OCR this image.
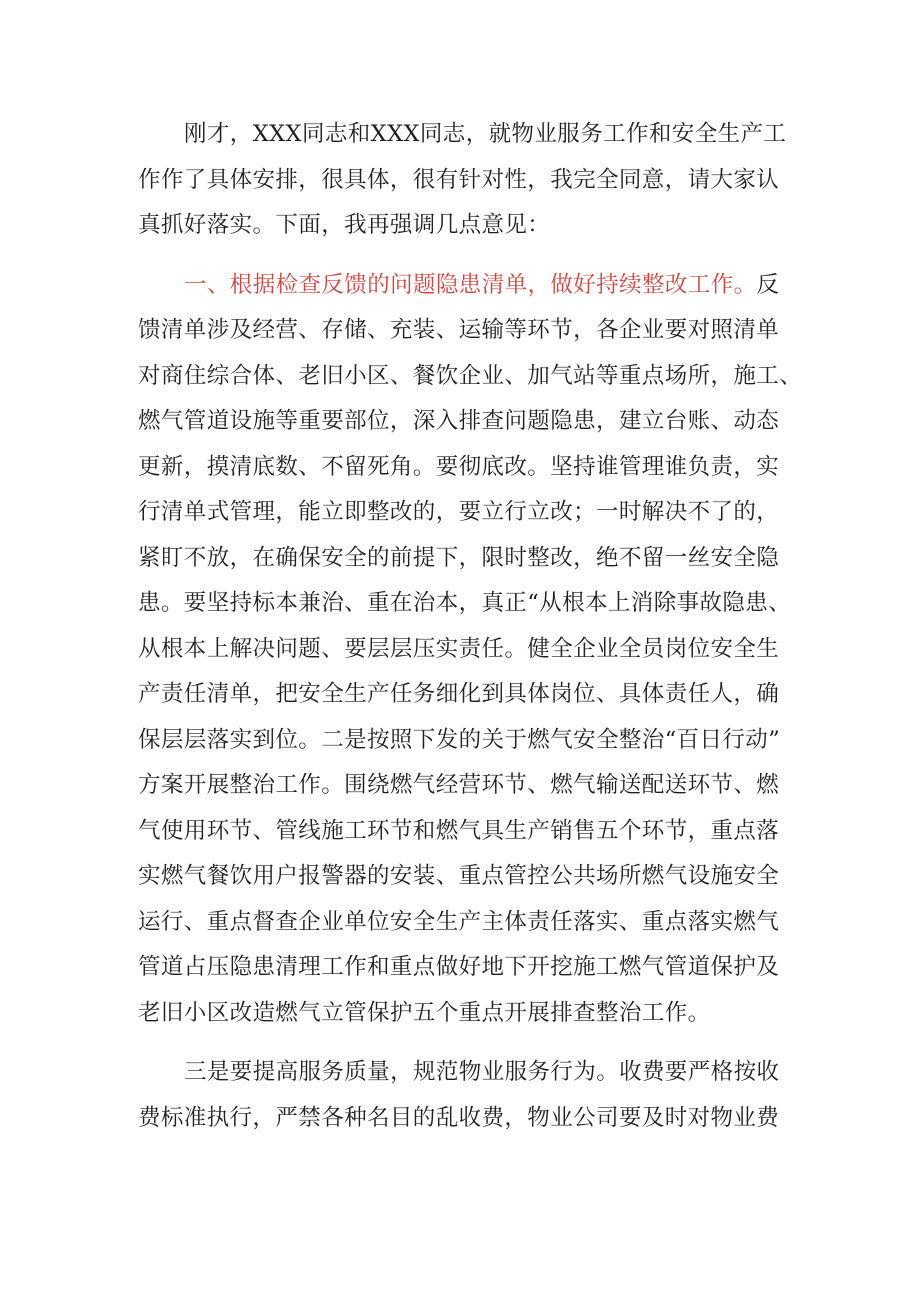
刚才，XXX同志和XXX同志，就物业服务工作和安全生产工
作作了具体安排，很具体，很有针对性，我完全同意，请大家认
真抓好落实。下面，我再强调几点意见：
一、根据检查反馈的问题隐患清单，做好持续整改工作。反
馈清单涉及经营、存储、充装、运输等环节，各企业要对照清单
对商住综合体、老旧小区、餐饮企业、加气站等重点场所，施工、
燃气管道设施等重要部位，深入排查问题隐患，建立台账、动态
更新，摸清底数、不留死角。要彻底改。坚持谁管理谁负责，实
行清单式管理，能立即整改的，要立行立改；一时解决不了的，
紧盯不放，在确保安全的前提下，限时整改，绝不留一丝安全隐
患。要坚持标本兼治、重在治本，真正“从根本上消除事故隐患、
从根本上解决问题、要层层压实责任。健全企业全员岗位安全生
产责任清单，把安全生产任务细化到具体岗位、具体责任人，确
保层层落实到位。二是按照下发的关于燃气安全整治“百日行动”
方案开展整治工作。围绕燃气经营环节、燃气输送配送环节、燃
气使用环节、管线施工环节和燃气具生产销售五个环节，重点落
实燃气餐饮用户报警器的安装、重点管控公共场所燃气设施安全
运行、重点督查企业单位安全生产主体责任落实、重点落实燃气
管道占压隐患清理工作和重点做好地下开挖施工燃气管道保护及
老旧小区改造燃气立管保护五个重点开展排查整治工作。
三是要提高服务质量，规范物业服务行为。收费要严格按收
费标准执行，严禁各种名目的乱收费，物业公司要及时对物业费
